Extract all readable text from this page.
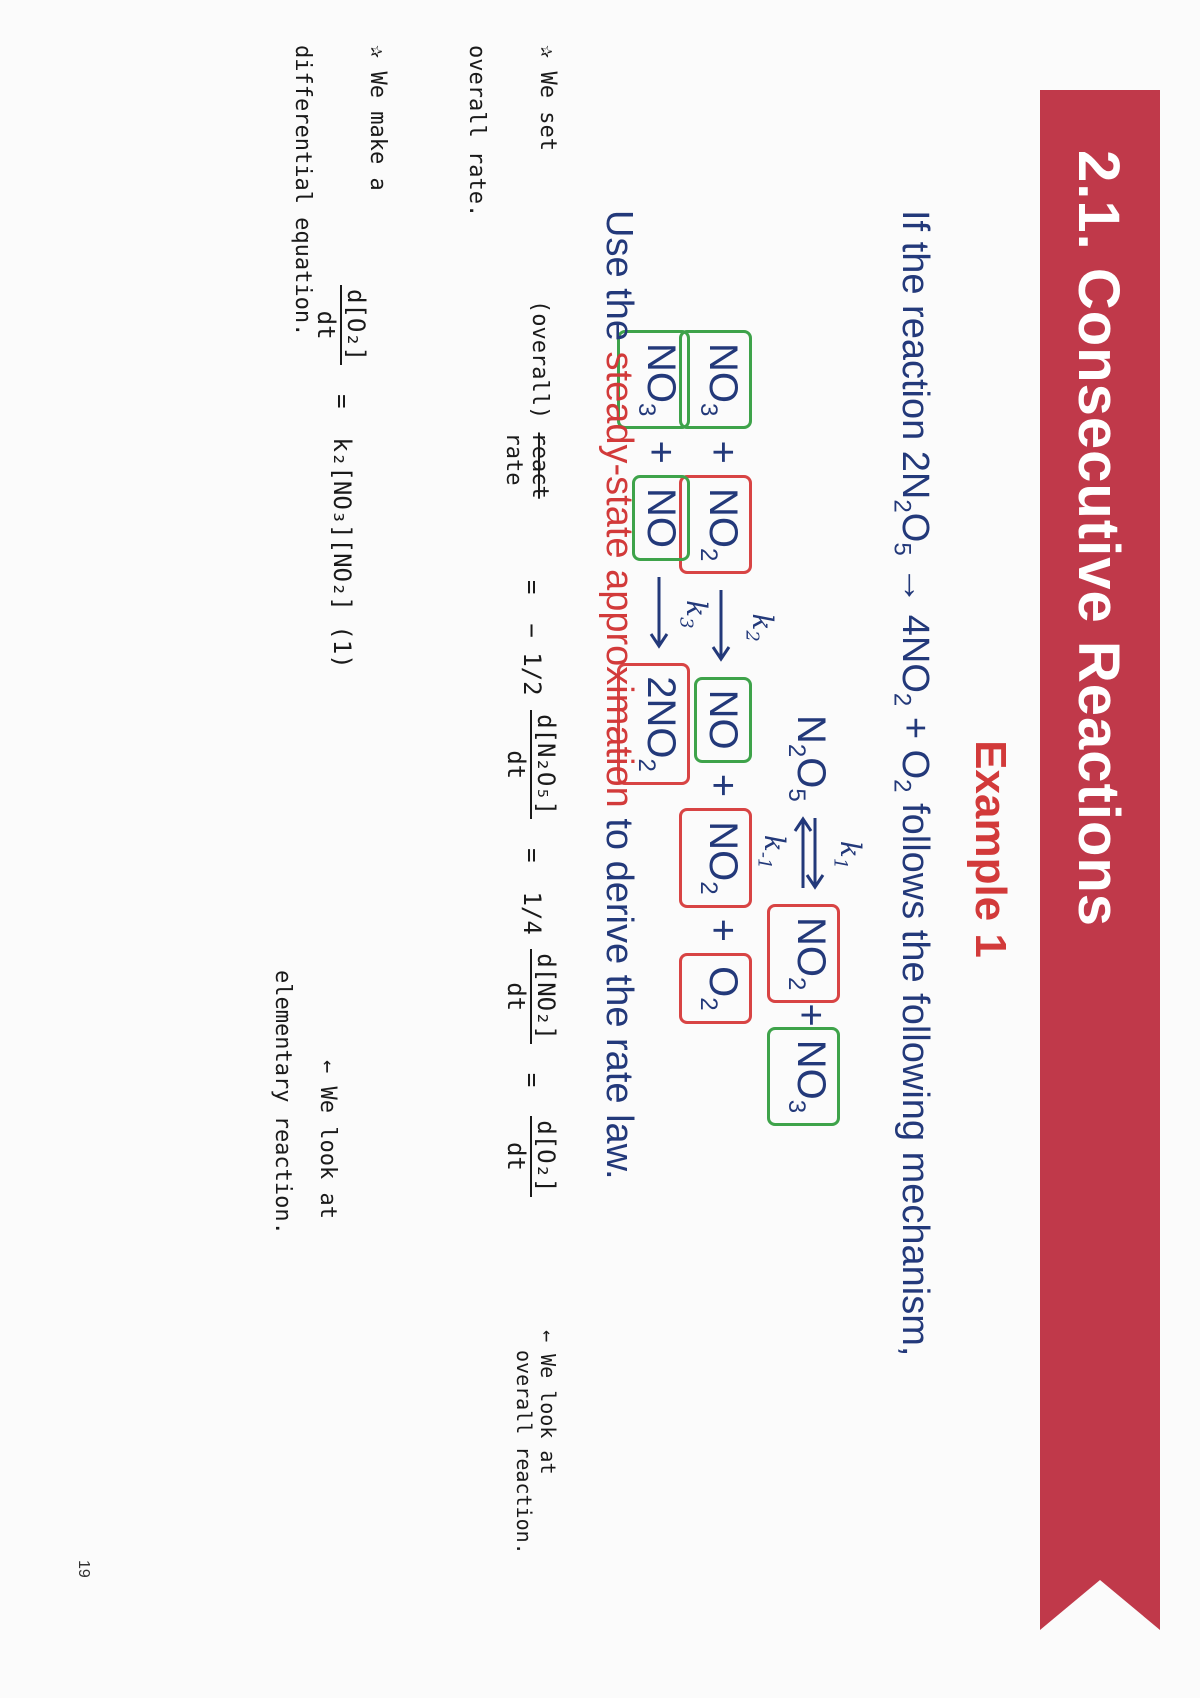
2.1. Consecutive Reactions
Example 1
If the reaction $2N_2O_5 \to 4NO_2 + O_2$ follows the following mechanism,
$N_2O_5$
$k_1$
$k_{-1}$
$NO_2+NO_3$
$NO_3 + NO_2$
$k_2$
NO + $NO_2 + O_2$
$NO_3$ + NO
$k_3$
$2NO_2$
Use the steady-state approximation to derive the rate law.
✰ We set
overall rate.
(overall) react
rate
=  − 1/2
d[N₂O₅]
dt
=  1/4
d[NO₂]
dt
=
d[O₂]
dt
← We look at
overall reaction.
✰ We make a
differential equation. d[O₂]
dt
=  k₂[NO₃][NO₂] (1)
← We look at
elementary reaction.
19
